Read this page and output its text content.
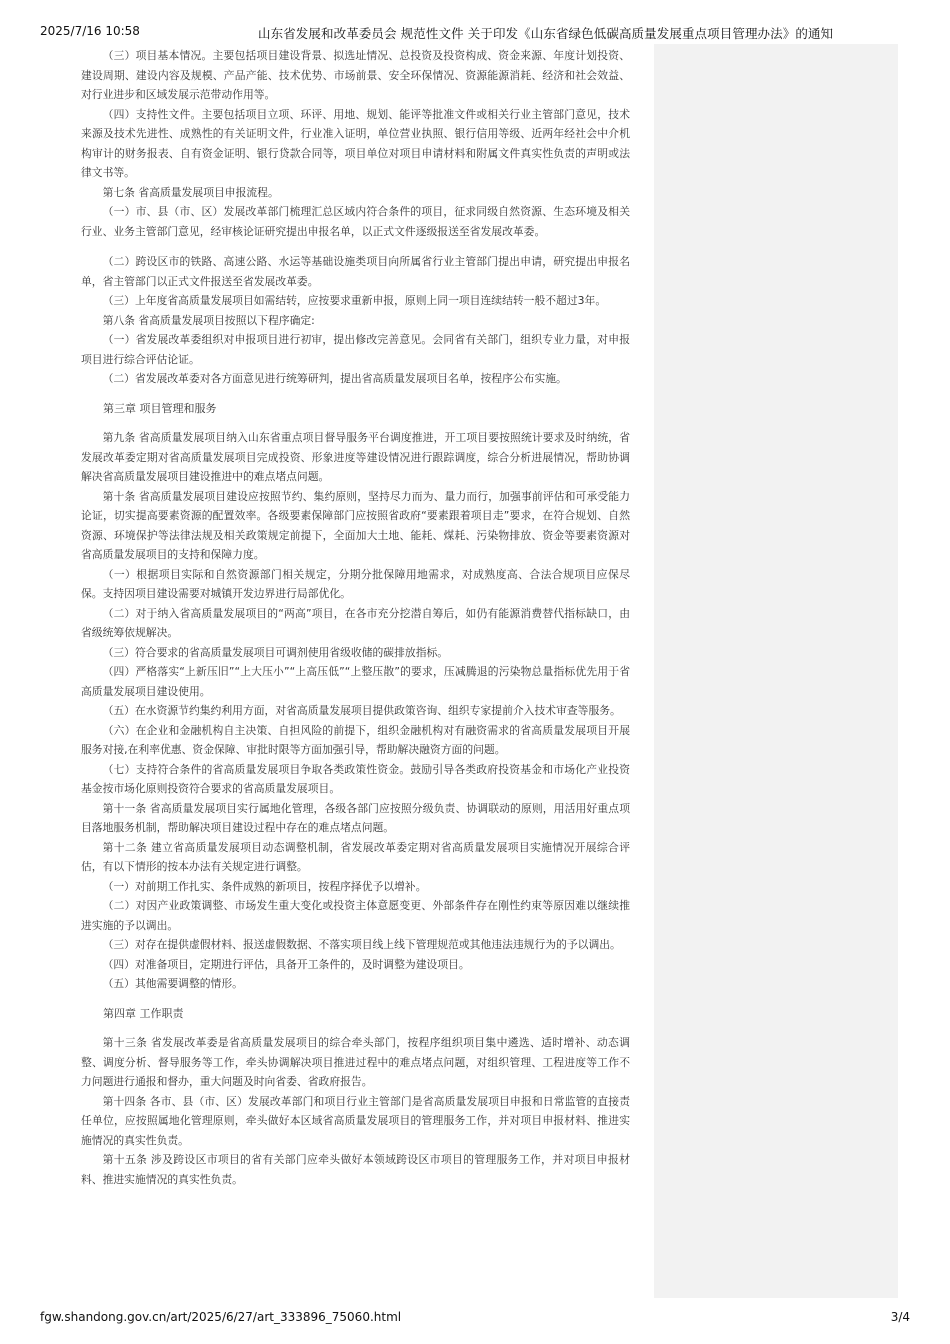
2025/7/16 10:58	山东省发展和改革委员会 规范性文件 关于印发《山东省绿色低碳高质量发展重点项目管理办法》的通知

（三）项目基本情况。主要包括项目建设背景、拟选址情况、总投资及投资构成、资金来源、年度计划投资、建设周期、建设内容及规模、产品产能、技术优势、市场前景、安全环保情况、资源能源消耗、经济和社会效益、对行业进步和区域发展示范带动作用等。

（四）支持性文件。主要包括项目立项、环评、用地、规划、能评等批准文件或相关行业主管部门意见，技术来源及技术先进性、成熟性的有关证明文件，行业准入证明，单位营业执照、银行信用等级、近两年经社会中介机构审计的财务报表、自有资金证明、银行贷款合同等，项目单位对项目申请材料和附属文件真实性负责的声明或法律文书等。

第七条 省高质量发展项目申报流程。

（一）市、县（市、区）发展改革部门梳理汇总区域内符合条件的项目，征求同级自然资源、生态环境及相关行业、业务主管部门意见，经审核论证研究提出申报名单，以正式文件逐级报送至省发展改革委。

（二）跨设区市的铁路、高速公路、水运等基础设施类项目向所属省行业主管部门提出申请，研究提出申报名单，省主管部门以正式文件报送至省发展改革委。

（三）上年度省高质量发展项目如需结转，应按要求重新申报，原则上同一项目连续结转一般不超过3年。

第八条 省高质量发展项目按照以下程序确定:

（一）省发展改革委组织对申报项目进行初审，提出修改完善意见。会同省有关部门，组织专业力量，对申报项目进行综合评估论证。

（二）省发展改革委对各方面意见进行统筹研判，提出省高质量发展项目名单，按程序公布实施。

第三章 项目管理和服务

第九条 省高质量发展项目纳入山东省重点项目督导服务平台调度推进，开工项目要按照统计要求及时纳统，省发展改革委定期对省高质量发展项目完成投资、形象进度等建设情况进行跟踪调度，综合分析进展情况，帮助协调解决省高质量发展项目建设推进中的难点堵点问题。

第十条 省高质量发展项目建设应按照节约、集约原则，坚持尽力而为、量力而行，加强事前评估和可承受能力论证，切实提高要素资源的配置效率。各级要素保障部门应按照省政府“要素跟着项目走”要求，在符合规划、自然资源、环境保护等法律法规及相关政策规定前提下，全面加大土地、能耗、煤耗、污染物排放、资金等要素资源对省高质量发展项目的支持和保障力度。

（一）根据项目实际和自然资源部门相关规定，分期分批保障用地需求，对成熟度高、合法合规项目应保尽保。支持因项目建设需要对城镇开发边界进行局部优化。

（二）对于纳入省高质量发展项目的“两高”项目，在各市充分挖潜自筹后，如仍有能源消费替代指标缺口，由省级统筹依规解决。

（三）符合要求的省高质量发展项目可调剂使用省级收储的碳排放指标。

（四）严格落实“上新压旧”“上大压小”“上高压低”“上整压散”的要求，压减腾退的污染物总量指标优先用于省高质量发展项目建设使用。

（五）在水资源节约集约利用方面，对省高质量发展项目提供政策咨询、组织专家提前介入技术审查等服务。

（六）在企业和金融机构自主决策、自担风险的前提下，组织金融机构对有融资需求的省高质量发展项目开展服务对接,在利率优惠、资金保障、审批时限等方面加强引导，帮助解决融资方面的问题。

（七）支持符合条件的省高质量发展项目争取各类政策性资金。鼓励引导各类政府投资基金和市场化产业投资基金按市场化原则投资符合要求的省高质量发展项目。

第十一条 省高质量发展项目实行属地化管理，各级各部门应按照分级负责、协调联动的原则，用活用好重点项目落地服务机制，帮助解决项目建设过程中存在的难点堵点问题。

第十二条 建立省高质量发展项目动态调整机制，省发展改革委定期对省高质量发展项目实施情况开展综合评估，有以下情形的按本办法有关规定进行调整。

（一）对前期工作扎实、条件成熟的新项目，按程序择优予以增补。

（二）对因产业政策调整、市场发生重大变化或投资主体意愿变更、外部条件存在刚性约束等原因难以继续推进实施的予以调出。

（三）对存在提供虚假材料、报送虚假数据、不落实项目线上线下管理规范或其他违法违规行为的予以调出。

（四）对准备项目，定期进行评估，具备开工条件的，及时调整为建设项目。

（五）其他需要调整的情形。

第四章 工作职责

第十三条 省发展改革委是省高质量发展项目的综合牵头部门，按程序组织项目集中遴选、适时增补、动态调整、调度分析、督导服务等工作，牵头协调解决项目推进过程中的难点堵点问题，对组织管理、工程进度等工作不力问题进行通报和督办，重大问题及时向省委、省政府报告。

第十四条 各市、县（市、区）发展改革部门和项目行业主管部门是省高质量发展项目申报和日常监管的直接责任单位，应按照属地化管理原则，牵头做好本区域省高质量发展项目的管理服务工作，并对项目申报材料、推进实施情况的真实性负责。

第十五条 涉及跨设区市项目的省有关部门应牵头做好本领域跨设区市项目的管理服务工作，并对项目申报材料、推进实施情况的真实性负责。

fgw.shandong.gov.cn/art/2025/6/27/art_333896_75060.html	3/4
